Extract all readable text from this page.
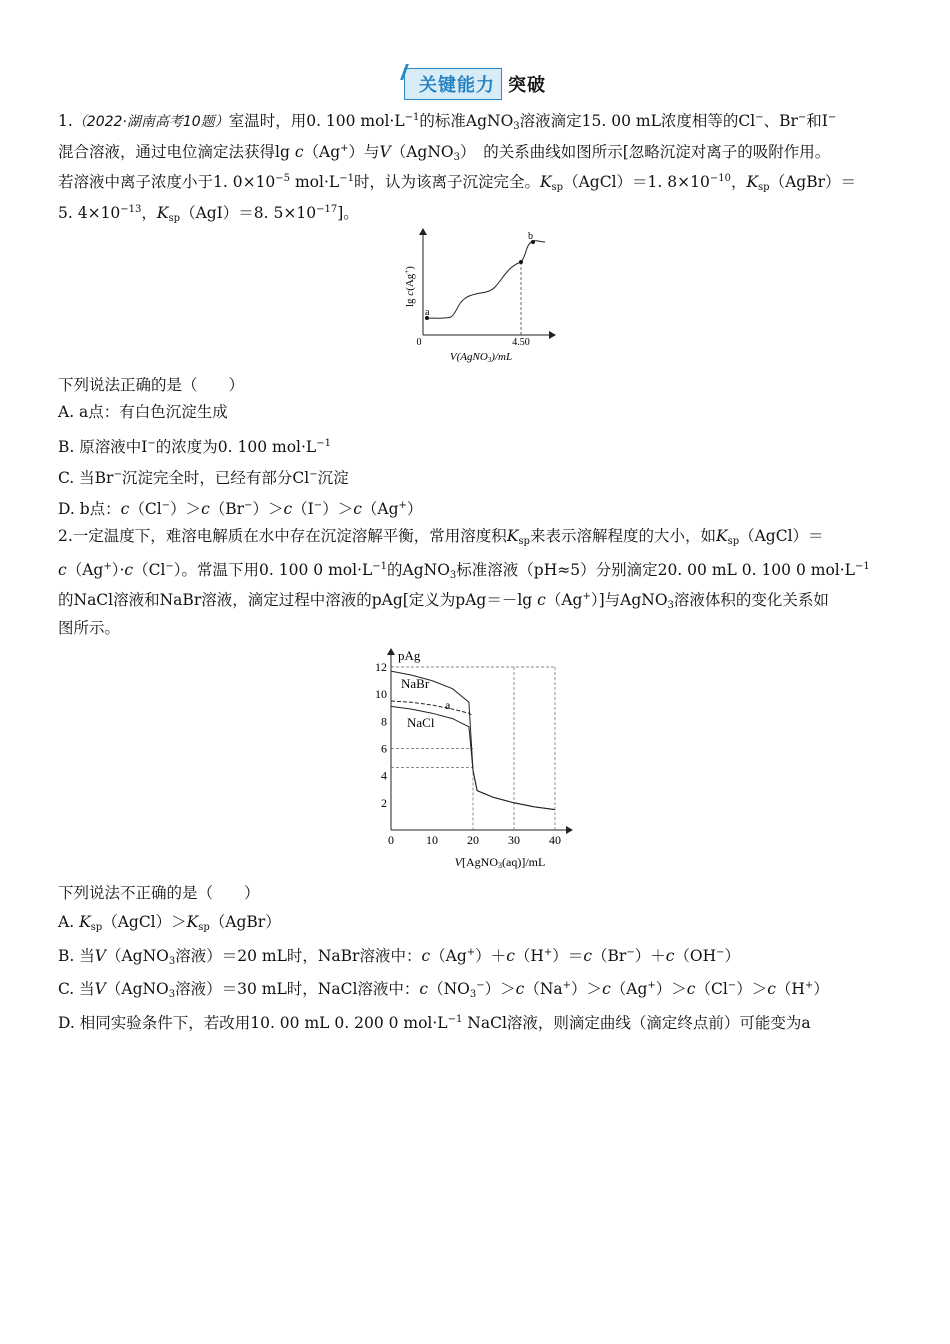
关键能力 突破
1.（2022·湖南高考10题）室温时，用0. 100 $mol\cdot L^{-1}$的标准AgNO$_3$溶液滴定15. 00 mL浓度相等的Cl−、Br−和I−
混合溶液，通过电位滴定法获得lg c（Ag+）与V（AgNO$_3$）　的关系曲线如图所示[忽略沉淀对离子的吸附作用。
若溶液中离子浓度小于1. $0\times 10^{-5}$ $mol\cdot L^{-1}$时，认为该离子沉淀完全。$K_{sp}(AgCl)=1$. $8\times 10^{-10}$，$K_{sp}(AgBr)=$
5. $4\times 10^{-13}$，$K_{sp}(AgI)=8$. $5\times 10^{-17}$]。
a
b
0	4.50
V(AgNO3)/mL
lg c(Ag+)
下列说法正确的是（　　）
A. a点：有白色沉淀生成
B. 原溶液中I−的浓度为0. 100 $mol\cdot L^{-1}$
C. 当Br−沉淀完全时，已经有部分Cl−沉淀
D. b点：c（Cl−）＞c（Br−）＞c（I−）＞c（Ag+）
2.一定温度下，难溶电解质在水中存在沉淀溶解平衡，常用溶度积$K_{sp}$来表示溶解程度的大小，如$K_{sp}(AgCl)=$
c（Ag+）·c（Cl−）。常温下用0. 100 0 $mol\cdot L^{-1}$的AgNO$_3$标准溶液（pH≈5）分别滴定20. 00 mL 0. 100 0 $mol\cdot L^{-1}$
的NaCl溶液和NaBr溶液，滴定过程中溶液的pAg[定义为pAg＝－lg c（Ag+）]与AgNO$_3$溶液体积的变化关系如
图所示。
0	10 20 30 40
2
4
6
8
10
12
pAg
NaBr
NaCl
a
V[AgNO3(aq)]/mL
下列说法不正确的是（　　）
A. $K_{sp}(AgCl)>K_{sp}(AgBr)$
B. 当V（AgNO$_3$溶液）＝20 mL时，NaBr溶液中：c（Ag+）＋c（H+）＝c（Br−）＋c（OH−）
C. 当V（AgNO$_3$溶液）＝30 mL时，NaCl溶液中：$c(NO_3^-)>c(Na^+)>c(Ag^+)>c(Cl^-)>c(H^+)$
D. 相同实验条件下，若改用10. 00 mL 0. 200 0 $mol\cdot L^{-1}$ NaCl溶液，则滴定曲线（滴定终点前）可能变为a
